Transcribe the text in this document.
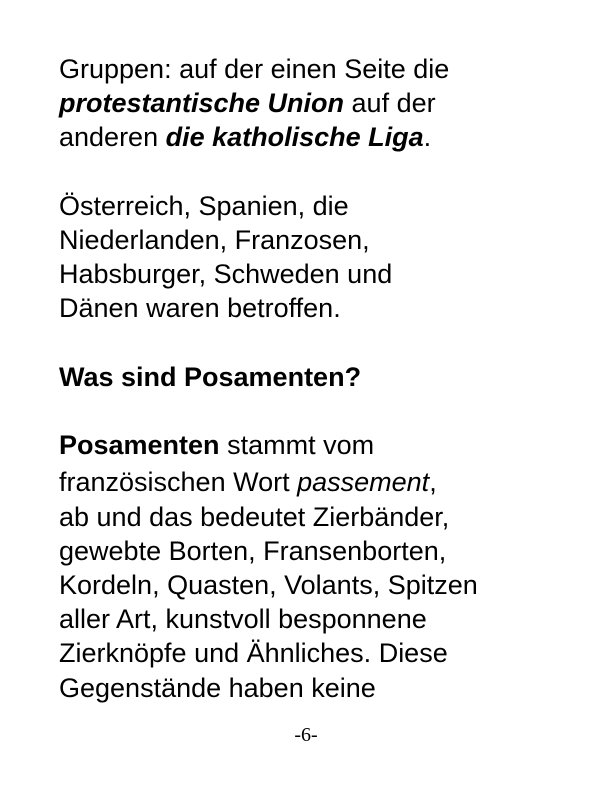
Gruppen: auf der einen Seite die
protestantische Union auf der
anderen die katholische Liga.
Österreich, Spanien, die
Niederlanden, Franzosen,
Habsburger, Schweden und
Dänen waren betroffen.
Was sind Posamenten?
Posamenten stammt vom
französischen Wort passement,
ab und das bedeutet Zierbänder,
gewebte Borten, Fransenborten,
Kordeln, Quasten, Volants, Spitzen
aller Art, kunstvoll besponnene
Zierknöpfe und Ähnliches. Diese
Gegenstände haben keine
-6-
